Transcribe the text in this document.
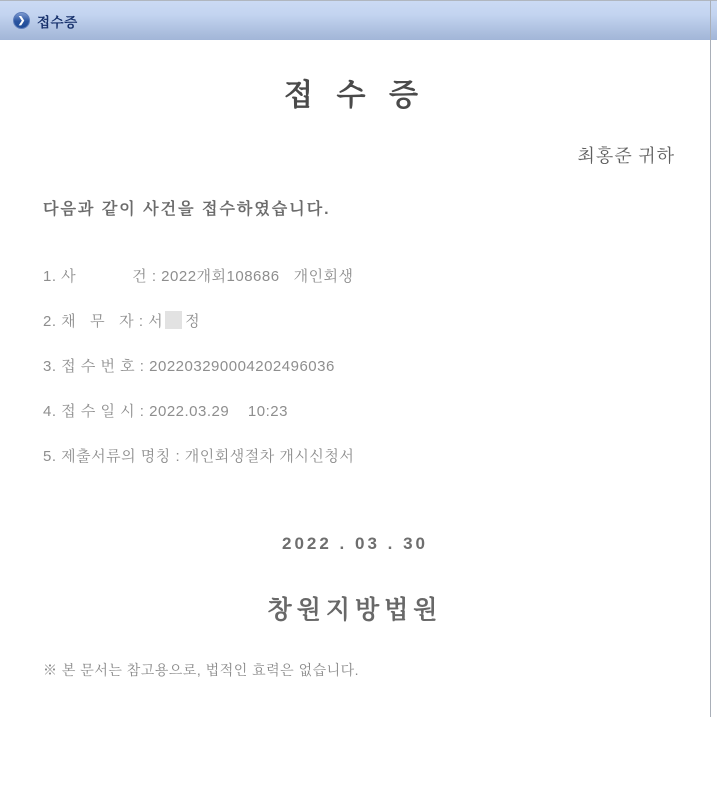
❯ 접수증
접 수 증
최홍준 귀하
다음과 같이 사건을 접수하였습니다.
1. 사            건 : 2022개회108686   개인회생
2. 채   무   자 : 서 정
3. 접 수 번 호 : 202203290004202496036
4. 접 수 일 시 : 2022.03.29    10:23
5. 제출서류의 명칭 : 개인회생절차 개시신청서
2022 . 03 . 30
창원지방법원
※ 본 문서는 참고용으로, 법적인 효력은 없습니다.
